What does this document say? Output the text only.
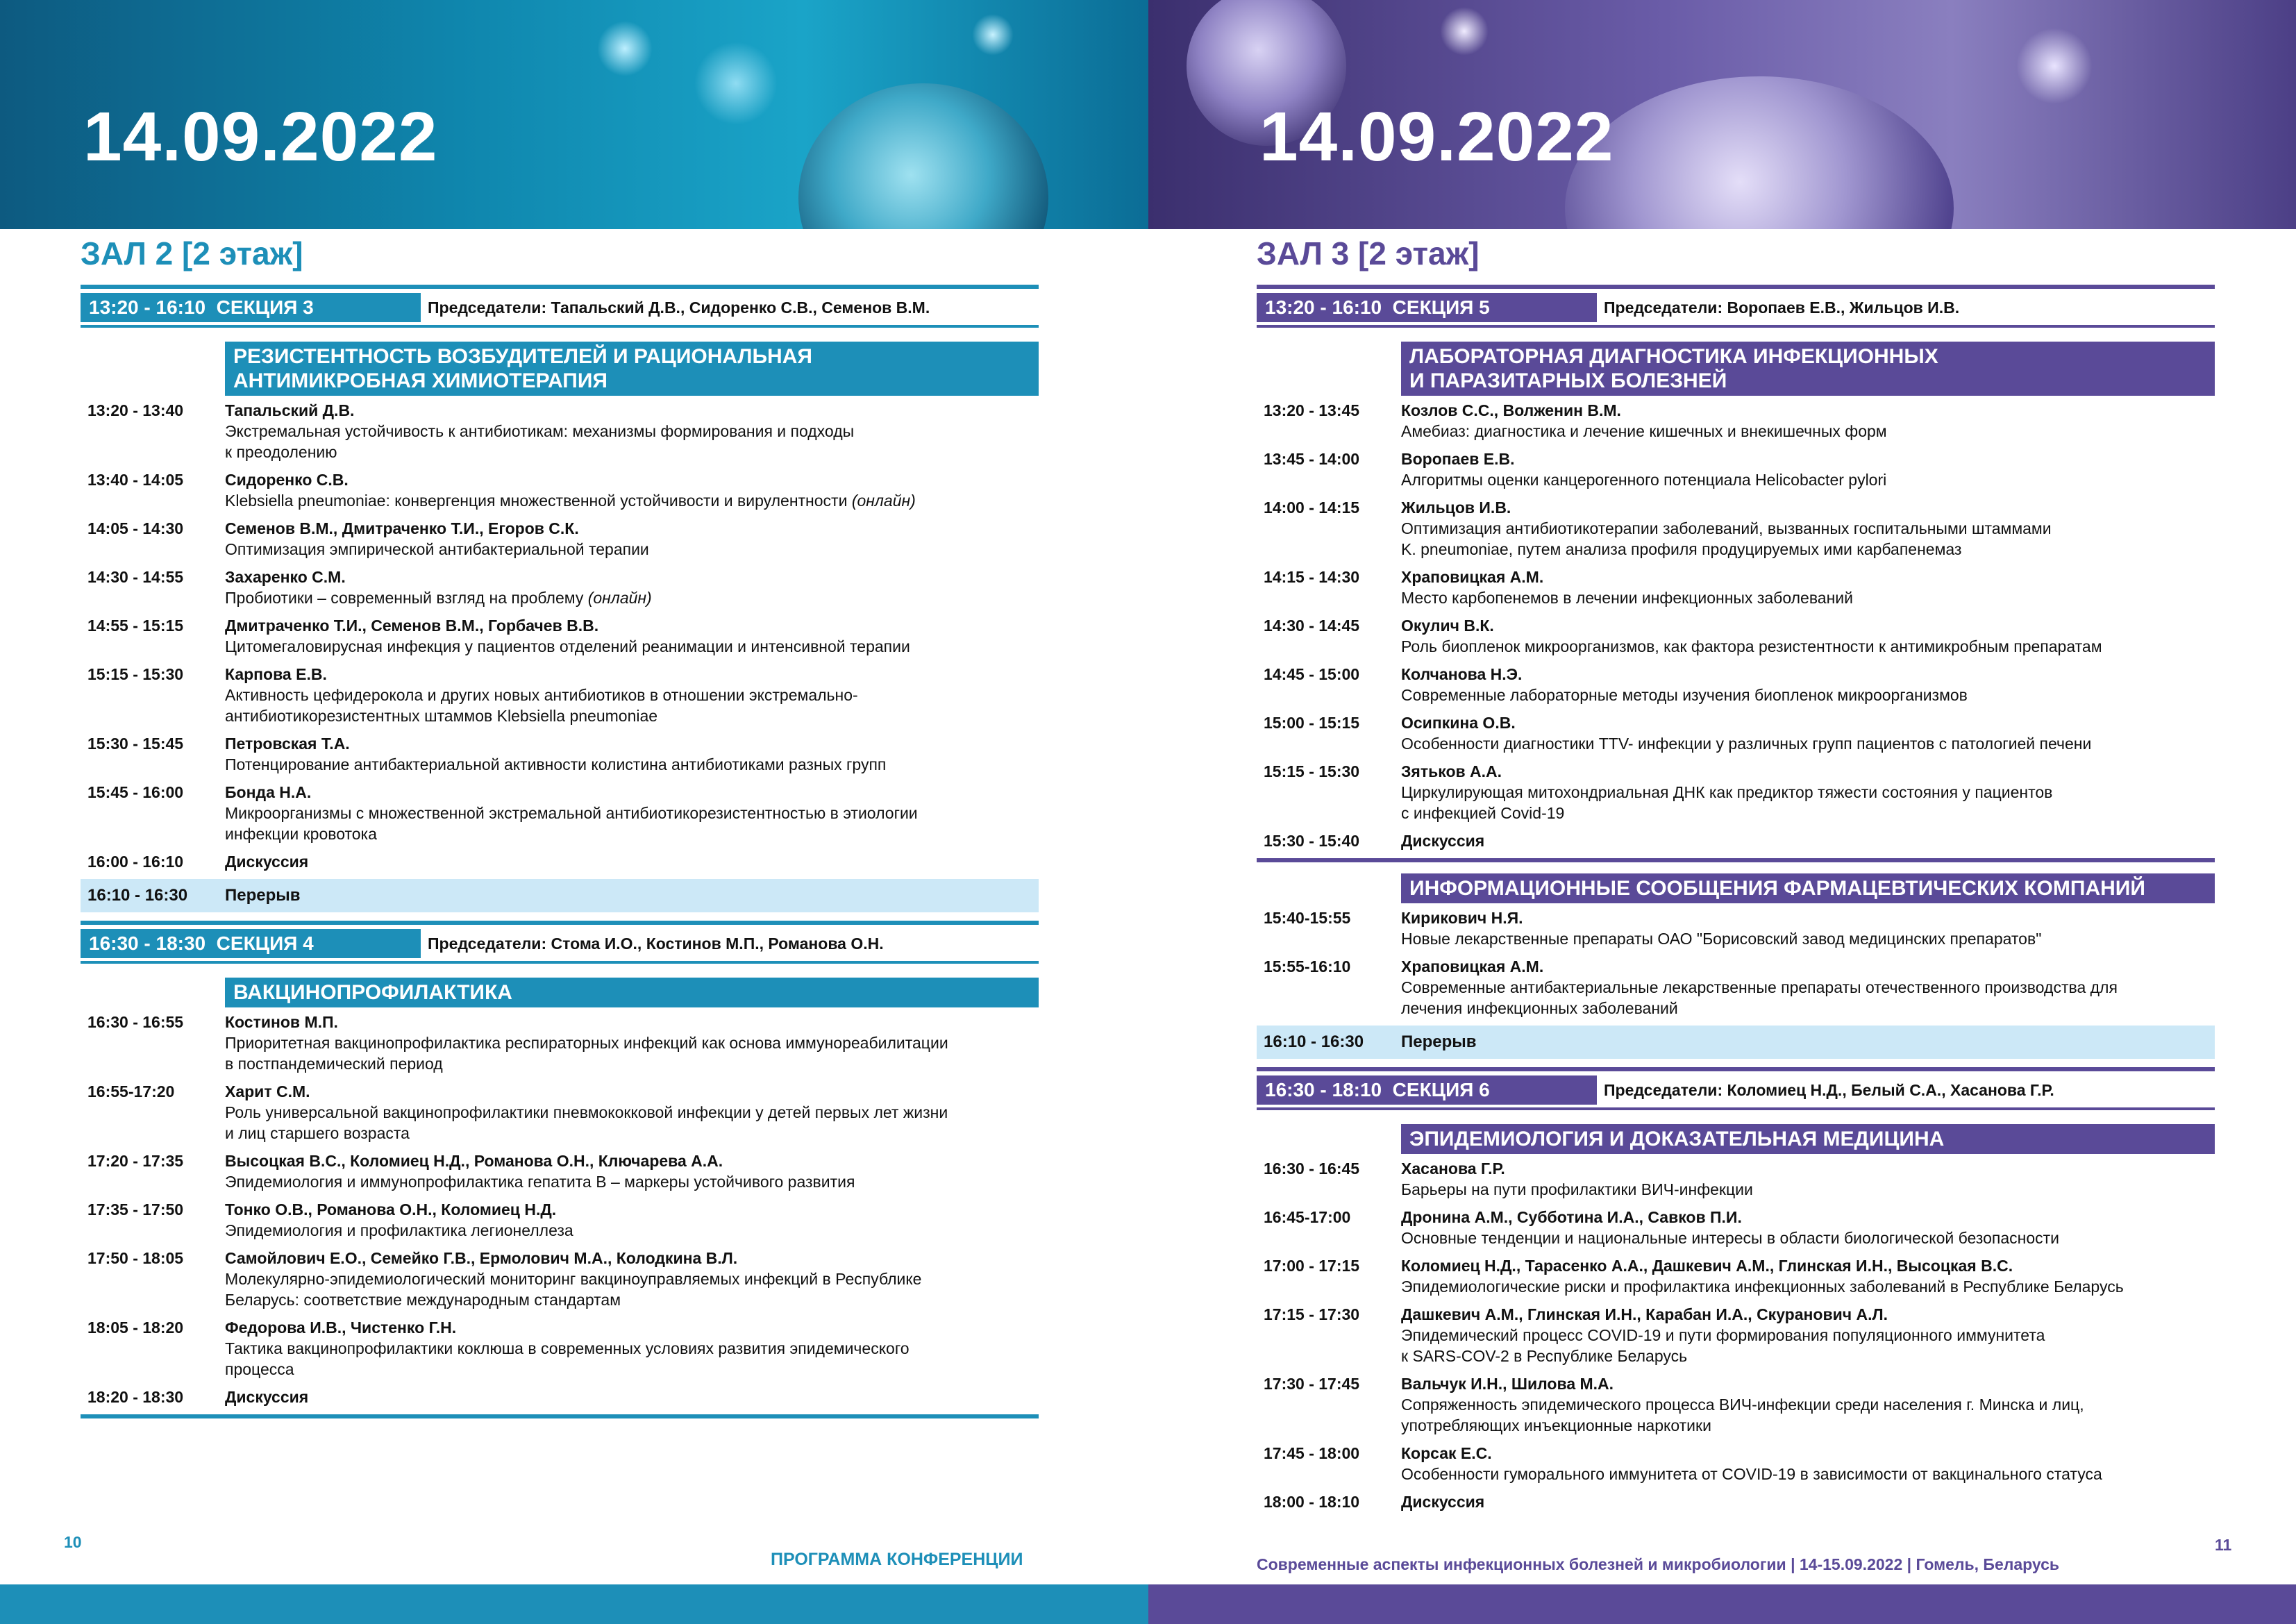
14.09.2022	14.09.2022
ЗАЛ 2 [2 этаж]	ЗАЛ 3 [2 этаж]
13:20 - 16:10 СЕКЦИЯ 3	Председатели: Тапальский Д.В., Сидоренко С.В., Семенов В.М.
РЕЗИСТЕНТНОСТЬ ВОЗБУДИТЕЛЕЙ И РАЦИОНАЛЬНАЯ
АНТИМИКРОБНАЯ ХИМИОТЕРАПИЯ
13:20 - 13:40	Тапальский Д.В.
Экстремальная устойчивость к антибиотикам: механизмы формирования и подходы
к преодолению
13:40 - 14:05	Сидоренко С.В.
Klebsiella pneumoniae: конвергенция множественной устойчивости и вирулентности (онлайн)
14:05 - 14:30	Семенов В.М., Дмитраченко Т.И., Егоров С.К.
Оптимизация эмпирической антибактериальной терапии
14:30 - 14:55	Захаренко С.М.
Пробиотики – современный взгляд на проблему (онлайн)
14:55 - 15:15	Дмитраченко Т.И., Семенов В.М., Горбачев В.В.
Цитомегаловирусная инфекция у пациентов отделений реанимации и интенсивной терапии
15:15 - 15:30	Карпова Е.В.
Активность цефидерокола и других новых антибиотиков в отношении экстремально-
антибиотикорезистентных штаммов Klebsiella pneumoniae
15:30 - 15:45	Петровская Т.А.
Потенцирование антибактериальной активности колистина антибиотиками разных групп
15:45 - 16:00	Бонда Н.А.
Микроорганизмы с множественной экстремальной антибиотикорезистентностью в этиологии
инфекции кровотока
16:00 - 16:10	Дискуссия
16:10 - 16:30	Перерыв
16:30 - 18:30 СЕКЦИЯ 4	Председатели: Стома И.О., Костинов М.П., Романова О.Н.
ВАКЦИНОПРОФИЛАКТИКА
16:30 - 16:55	Костинов М.П.
Приоритетная вакцинопрофилактика респираторных инфекций как основа иммунореабилитации
в постпандемический период
16:55-17:20	Харит С.М.
Роль универсальной вакцинопрофилактики пневмококковой инфекции у детей первых лет жизни
и лиц старшего возраста
17:20 - 17:35	Высоцкая В.С., Коломиец Н.Д., Романова О.Н., Ключарева А.А.
Эпидемиология и иммунопрофилактика гепатита В – маркеры устойчивого развития
17:35 - 17:50	Тонко О.В., Романова О.Н., Коломиец Н.Д.
Эпидемиология и профилактика легионеллеза
17:50 - 18:05	Самойлович Е.О., Семейко Г.В., Ермолович М.А., Колодкина В.Л.
Молекулярно-эпидемиологический мониторинг вакциноуправляемых инфекций в Республике
Беларусь: соответствие международным стандартам
18:05 - 18:20	Федорова И.В., Чистенко Г.Н.
Тактика вакцинопрофилактики коклюша в современных условиях развития эпидемического
процесса
18:20 - 18:30	Дискуссия
13:20 - 16:10 СЕКЦИЯ 5	Председатели: Воропаев Е.В., Жильцов И.В.
ЛАБОРАТОРНАЯ ДИАГНОСТИКА ИНФЕКЦИОННЫХ
И ПАРАЗИТАРНЫХ БОЛЕЗНЕЙ
13:20 - 13:45	Козлов С.С., Волженин В.М.
Амебиаз: диагностика и лечение кишечных и внекишечных форм
13:45 - 14:00	Воропаев Е.В.
Алгоритмы оценки канцерогенного потенциала Helicobacter pylori
14:00 - 14:15	Жильцов И.В.
Оптимизация антибиотикотерапии заболеваний, вызванных госпитальными штаммами
K. pneumoniae, путем анализа профиля продуцируемых ими карбапенемаз
14:15 - 14:30	Храповицкая А.М.
Место карбопенемов в лечении инфекционных заболеваний
14:30 - 14:45	Окулич В.К.
Роль биопленок микроорганизмов, как фактора резистентности к антимикробным препаратам
14:45 - 15:00	Колчанова Н.Э.
Современные лабораторные методы изучения биопленок микроорганизмов
15:00 - 15:15	Осипкина О.В.
Особенности диагностики TTV- инфекции у различных групп пациентов с патологией печени
15:15 - 15:30	Зятьков А.А.
Циркулирующая митохондриальная ДНК как предиктор тяжести состояния у пациентов
с инфекцией Covid-19
15:30 - 15:40	Дискуссия
ИНФОРМАЦИОННЫЕ СООБЩЕНИЯ ФАРМАЦЕВТИЧЕСКИХ КОМПАНИЙ
15:40-15:55	Кирикович Н.Я.
Новые лекарственные препараты ОАО "Борисовский завод медицинских препаратов"
15:55-16:10	Храповицкая А.М.
Современные антибактериальные лекарственные препараты отечественного производства для
лечения инфекционных заболеваний
16:10 - 16:30	Перерыв
16:30 - 18:10 СЕКЦИЯ 6	Председатели: Коломиец Н.Д., Белый С.А., Хасанова Г.Р.
ЭПИДЕМИОЛОГИЯ И ДОКАЗАТЕЛЬНАЯ МЕДИЦИНА
16:30 - 16:45	Хасанова Г.Р.
Барьеры на пути профилактики ВИЧ-инфекции
16:45-17:00	Дронина А.М., Субботина И.А., Савков П.И.
Основные тенденции и национальные интересы в области биологической безопасности
17:00 - 17:15	Коломиец Н.Д., Тарасенко А.А., Дашкевич А.М., Глинская И.Н., Высоцкая В.С.
Эпидемиологические риски и профилактика инфекционных заболеваний в Республике Беларусь
17:15 - 17:30	Дашкевич А.М., Глинская И.Н., Карабан И.А., Скуранович А.Л.
Эпидемический процесс COVID-19 и пути формирования популяционного иммунитета
к SARS-COV-2 в Республике Беларусь
17:30 - 17:45	Вальчук И.Н., Шилова М.А.
Сопряженность эпидемического процесса ВИЧ-инфекции среди населения г. Минска и лиц,
употребляющих инъекционные наркотики
17:45 - 18:00	Корсак Е.С.
Особенности гуморального иммунитета от COVID-19 в зависимости от вакцинального статуса
18:00 - 18:10	Дискуссия
10	11
ПРОГРАММА КОНФЕРЕНЦИИ	Современные аспекты инфекционных болезней и микробиологии | 14-15.09.2022 | Гомель, Беларусь
